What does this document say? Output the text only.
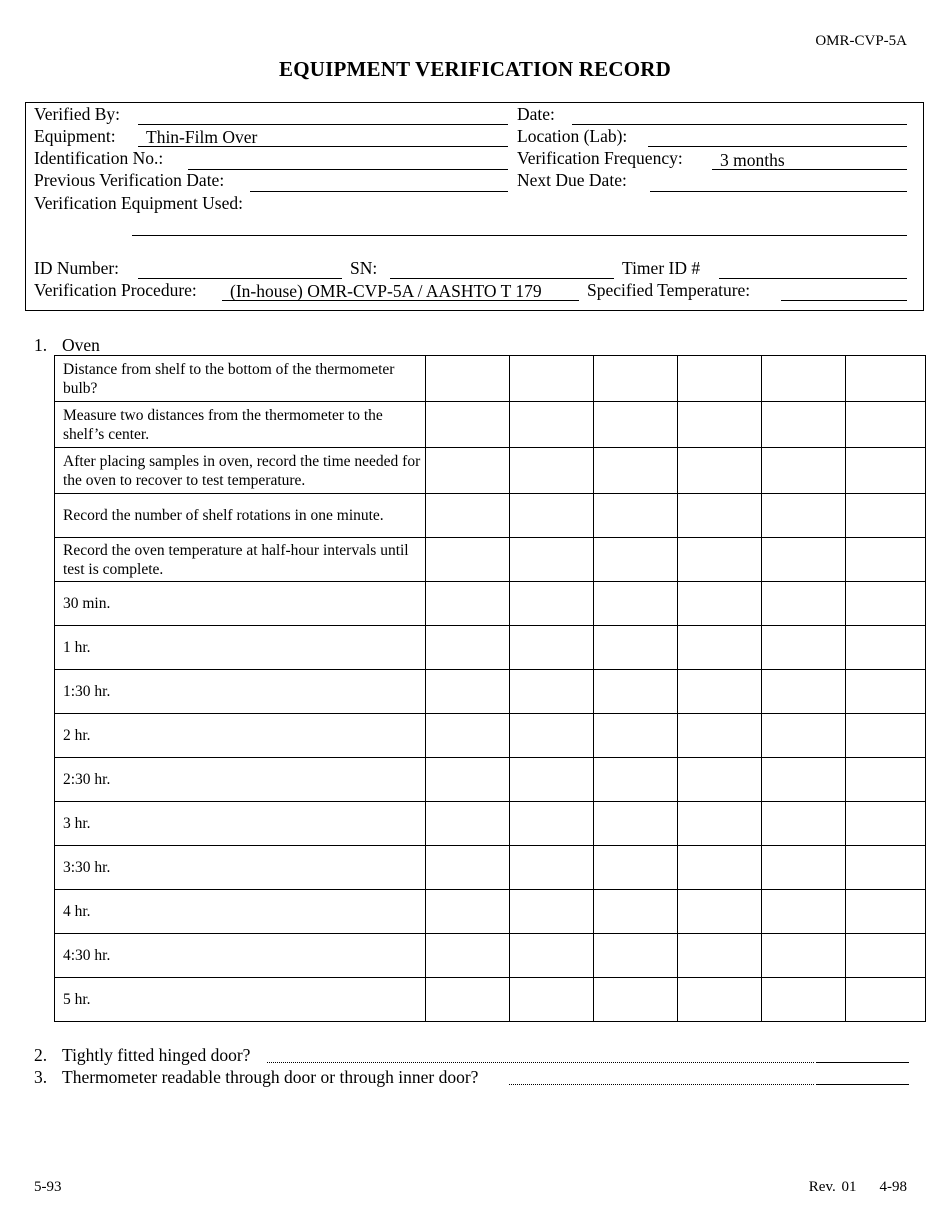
OMR-CVP-5A
EQUIPMENT VERIFICATION RECORD
Verified By:	Date:
Equipment:	Thin-Film Over	Location (Lab):
Identification No.:	Verification Frequency:	3 months
Previous Verification Date:	Next Due Date:
Verification Equipment Used:
ID Number:	SN:	Timer ID #
Verification Procedure:	(In-house) OMR-CVP-5A / AASHTO T 179	Specified Temperature:
1. Oven
Distance from shelf to the bottom of the thermometer bulb?						
Measure two distances from the thermometer to the shelf’s center.						
After placing samples in oven, record the time needed for the oven to recover to test temperature.						
Record the number of shelf rotations in one minute.						
Record the oven temperature at half-hour intervals until test is complete.						
30 min.						
1 hr.						
1:30 hr.						
2 hr.						
2:30 hr.						
3 hr.						
3:30 hr.						
4 hr.						
4:30 hr.						
5 hr.						
2. Tightly fitted hinged door?
3. Thermometer readable through door or through inner door?
5-93	Rev. 01 4-98
